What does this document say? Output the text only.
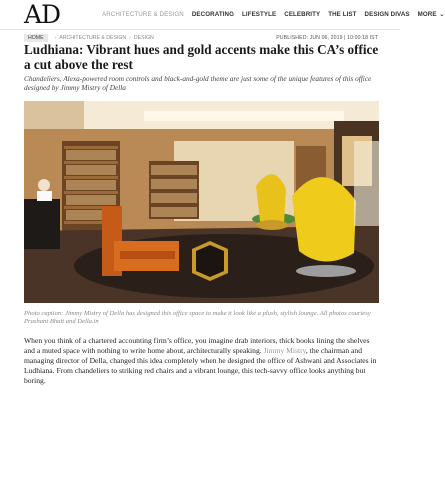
AD	ARCHITECTURE & DESIGN DECORATING LIFESTYLE CELEBRITY THE LIST DESIGN DIVAS MORE ⌄
HOME	› ARCHITECTURE & DESIGN › DESIGN	PUBLISHED: JUN 06, 2019 | 10:00:18 IST
Ludhiana: Vibrant hues and gold accents make this CA’s office a cut above the rest

Chandeliers, Alexa-powered room controls and black-and-gold theme are just some of the unique features of this office designed by Jimmy Mistry of Della

Photo caption: Jimmy Mistry of Della has designed this office space to make it look like a plush, stylish lounge. All photos courtesy Prashant Bhatt and Della.in

When you think of a chartered accounting firm’s office, you imagine drab interiors, thick books lining the shelves and a muted space with nothing to write home about, architecturally speaking. Jimmy Mistry, the chairman and managing director of Della, changed this idea completely when he designed the office of Ashwani and Associates in Ludhiana. From chandeliers to striking red chairs and a vibrant lounge, this tech-savvy office looks anything but boring.
